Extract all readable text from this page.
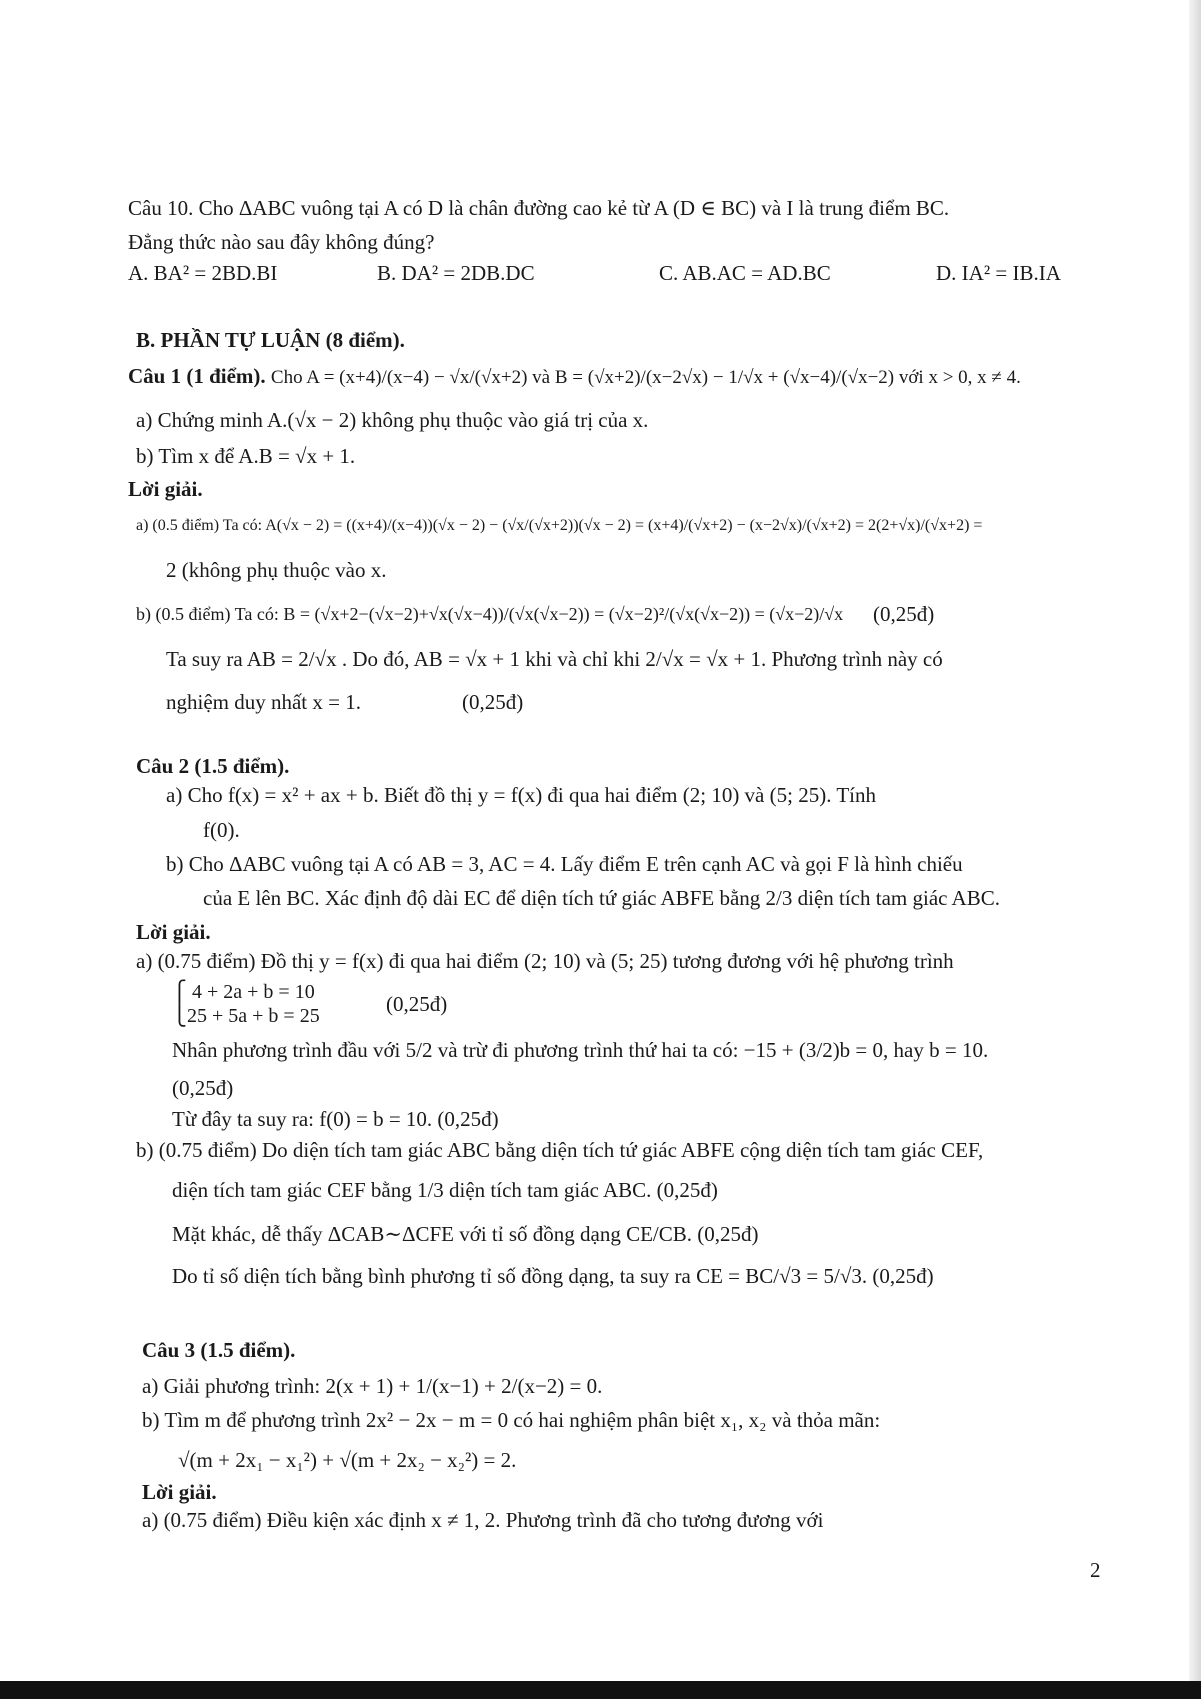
Câu 10. Cho ΔABC vuông tại A có D là chân đường cao kẻ từ A (D ∈ BC) và I là trung điểm BC.
Đẳng thức nào sau đây không đúng?
A. BA² = 2BD.BI	B. DA² = 2DB.DC	C. AB.AC = AD.BC	D. IA² = IB.IA
B. PHẦN TỰ LUẬN (8 điểm).
Câu 1 (1 điểm). Cho A = (x+4)/(x−4) − √x/(√x+2) và B = (√x+2)/(x−2√x) − 1/√x + (√x−4)/(√x−2) với x > 0, x ≠ 4.
a) Chứng minh A.(√x − 2) không phụ thuộc vào giá trị của x.
b) Tìm x để A.B = √x + 1.
Lời giải.
a) (0.5 điểm) Ta có: A(√x − 2) = ((x+4)/(x−4))(√x − 2) − (√x/(√x+2))(√x − 2) = (x+4)/(√x+2) − (x−2√x)/(√x+2) = 2(2+√x)/(√x+2) =
2 (không phụ thuộc vào x.
b) (0.5 điểm) Ta có: B = (√x+2−(√x−2)+√x(√x−4))/(√x(√x−2)) = (√x−2)²/(√x(√x−2)) = (√x−2)/√x (0,25đ)
Ta suy ra AB = 2/√x . Do đó, AB = √x + 1 khi và chỉ khi 2/√x = √x + 1. Phương trình này có
nghiệm duy nhất x = 1.	(0,25đ)
Câu 2 (1.5 điểm).
a) Cho f(x) = x² + ax + b. Biết đồ thị y = f(x) đi qua hai điểm (2; 10) và (5; 25). Tính
f(0).
b) Cho ΔABC vuông tại A có AB = 3, AC = 4. Lấy điểm E trên cạnh AC và gọi F là hình chiếu
của E lên BC. Xác định độ dài EC để diện tích tứ giác ABFE bằng 2/3 diện tích tam giác ABC.
Lời giải.
a) (0.75 điểm) Đồ thị y = f(x) đi qua hai điểm (2; 10) và (5; 25) tương đương với hệ phương trình
⎧ 4 + 2a + b = 10
⎩25 + 5a + b = 25	(0,25đ)
Nhân phương trình đầu với 5/2 và trừ đi phương trình thứ hai ta có: −15 + (3/2)b = 0, hay b = 10.
(0,25đ)
Từ đây ta suy ra: f(0) = b = 10. (0,25đ)
b) (0.75 điểm) Do diện tích tam giác ABC bằng diện tích tứ giác ABFE cộng diện tích tam giác CEF,
diện tích tam giác CEF bằng 1/3 diện tích tam giác ABC. (0,25đ)
Mặt khác, dễ thấy ΔCAB∼ΔCFE với tỉ số đồng dạng CE/CB. (0,25đ)
Do tỉ số diện tích bằng bình phương tỉ số đồng dạng, ta suy ra CE = BC/√3 = 5/√3. (0,25đ)
Câu 3 (1.5 điểm).
a) Giải phương trình: 2(x + 1) + 1/(x−1) + 2/(x−2) = 0.
b) Tìm m để phương trình 2x² − 2x − m = 0 có hai nghiệm phân biệt x₁, x₂ và thỏa mãn:
√(m + 2x₁ − x₁²) + √(m + 2x₂ − x₂²) = 2.
Lời giải.
a) (0.75 điểm) Điều kiện xác định x ≠ 1, 2. Phương trình đã cho tương đương với
2
